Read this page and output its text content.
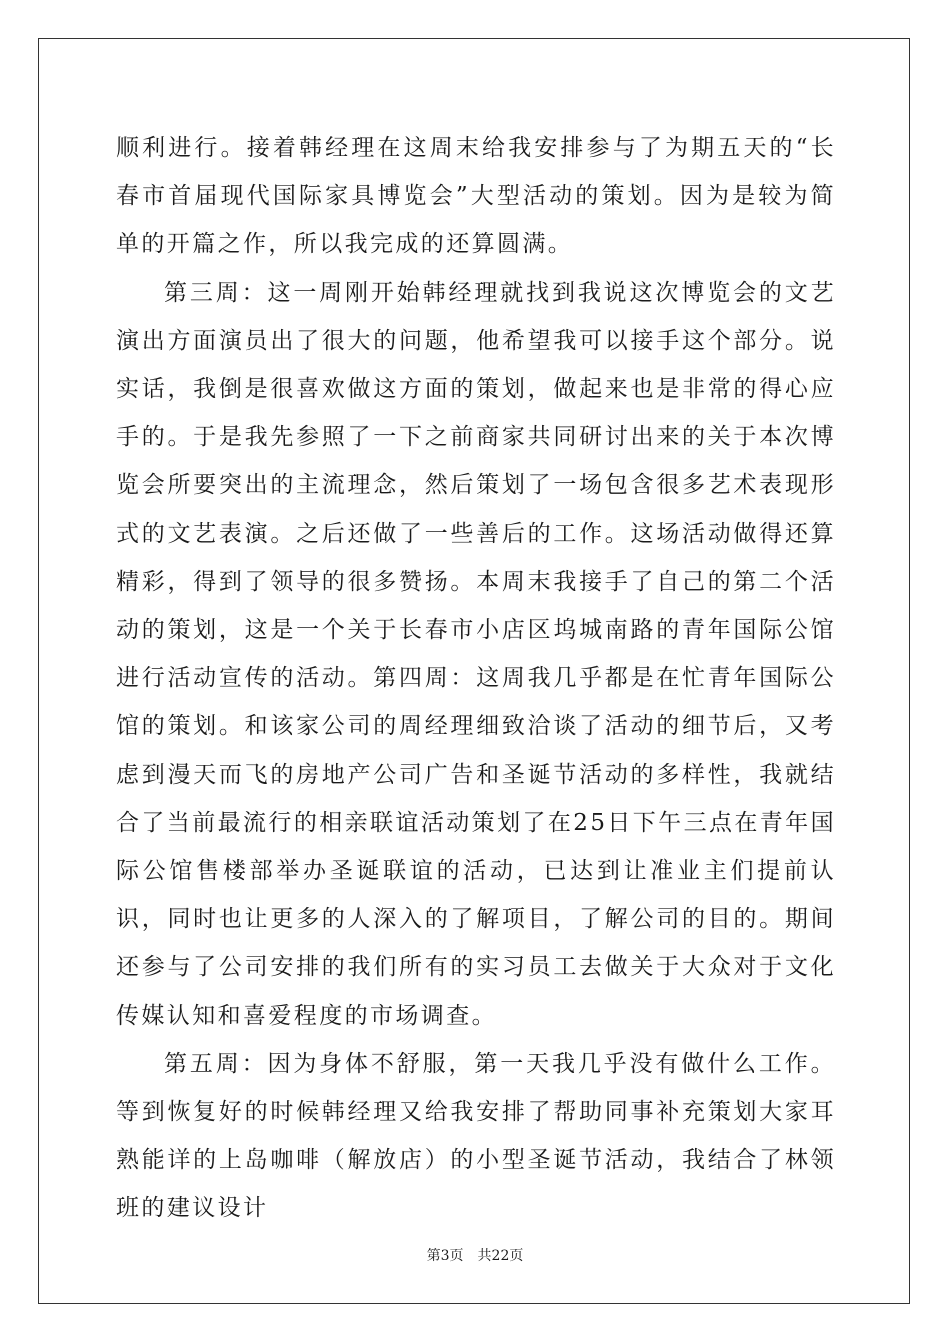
顺利进行。接着韩经理在这周末给我安排参与了为期五天的“长春市首届现代国际家具博览会”大型活动的策划。因为是较为简单的开篇之作，所以我完成的还算圆满。

第三周：这一周刚开始韩经理就找到我说这次博览会的文艺演出方面演员出了很大的问题，他希望我可以接手这个部分。说实话，我倒是很喜欢做这方面的策划，做起来也是非常的得心应手的。于是我先参照了一下之前商家共同研讨出来的关于本次博览会所要突出的主流理念，然后策划了一场包含很多艺术表现形式的文艺表演。之后还做了一些善后的工作。这场活动做得还算精彩，得到了领导的很多赞扬。本周末我接手了自己的第二个活动的策划，这是一个关于长春市小店区坞城南路的青年国际公馆进行活动宣传的活动。第四周：这周我几乎都是在忙青年国际公馆的策划。和该家公司的周经理细致洽谈了活动的细节后，又考虑到漫天而飞的房地产公司广告和圣诞节活动的多样性，我就结合了当前最流行的相亲联谊活动策划了在25日下午三点在青年国际公馆售楼部举办圣诞联谊的活动，已达到让准业主们提前认识，同时也让更多的人深入的了解项目，了解公司的目的。期间还参与了公司安排的我们所有的实习员工去做关于大众对于文化传媒认知和喜爱程度的市场调查。

第五周：因为身体不舒服，第一天我几乎没有做什么工作。等到恢复好的时候韩经理又给我安排了帮助同事补充策划大家耳熟能详的上岛咖啡（解放店）的小型圣诞节活动，我结合了林领班的建议设计

第3页 共22页
